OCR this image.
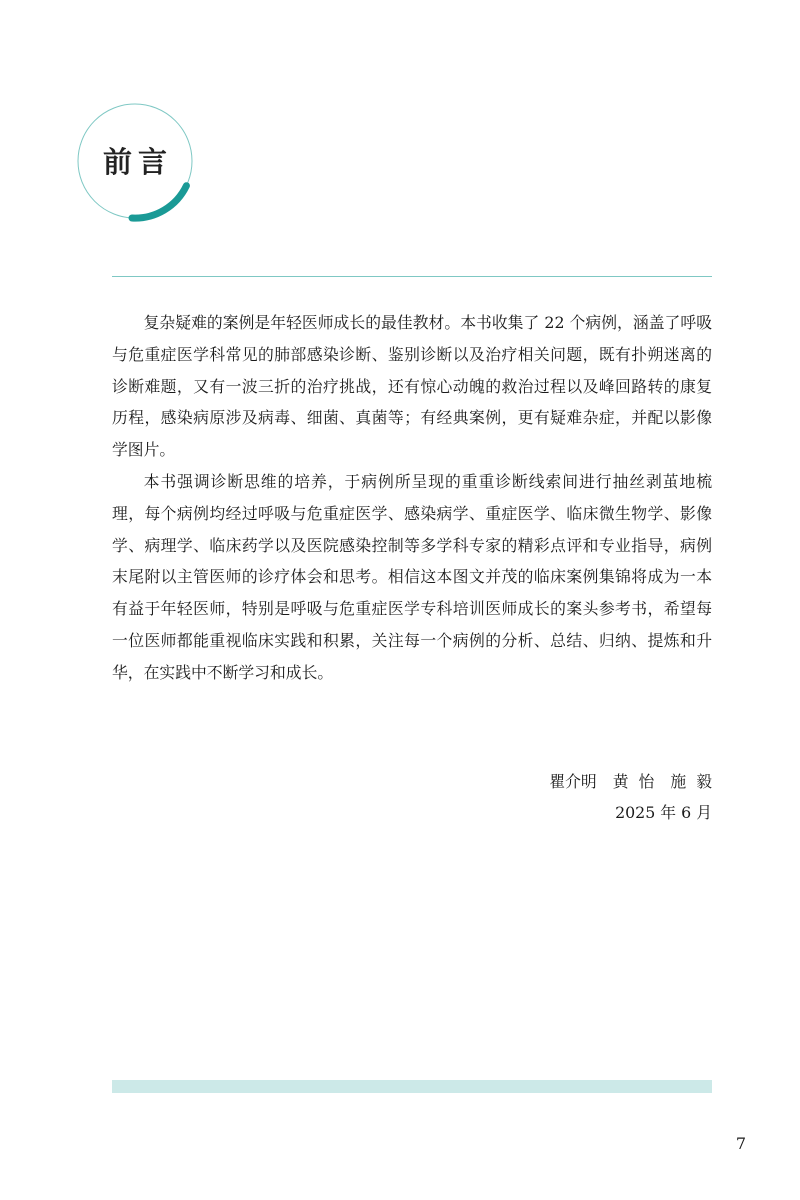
前言

复杂疑难的案例是年轻医师成长的最佳教材。本书收集了 22 个病例，涵盖了呼吸与危重症医学科常见的肺部感染诊断、鉴别诊断以及治疗相关问题，既有扑朔迷离的诊断难题，又有一波三折的治疗挑战，还有惊心动魄的救治过程以及峰回路转的康复历程，感染病原涉及病毒、细菌、真菌等；有经典案例，更有疑难杂症，并配以影像学图片。

本书强调诊断思维的培养，于病例所呈现的重重诊断线索间进行抽丝剥茧地梳理，每个病例均经过呼吸与危重症医学、感染病学、重症医学、临床微生物学、影像学、病理学、临床药学以及医院感染控制等多学科专家的精彩点评和专业指导，病例末尾附以主管医师的诊疗体会和思考。相信这本图文并茂的临床案例集锦将成为一本有益于年轻医师，特别是呼吸与危重症医学专科培训医师成长的案头参考书，希望每一位医师都能重视临床实践和积累，关注每一个病例的分析、总结、归纳、提炼和升华，在实践中不断学习和成长。

瞿介明 黄  怡 施  毅
2025 年 6 月
7
